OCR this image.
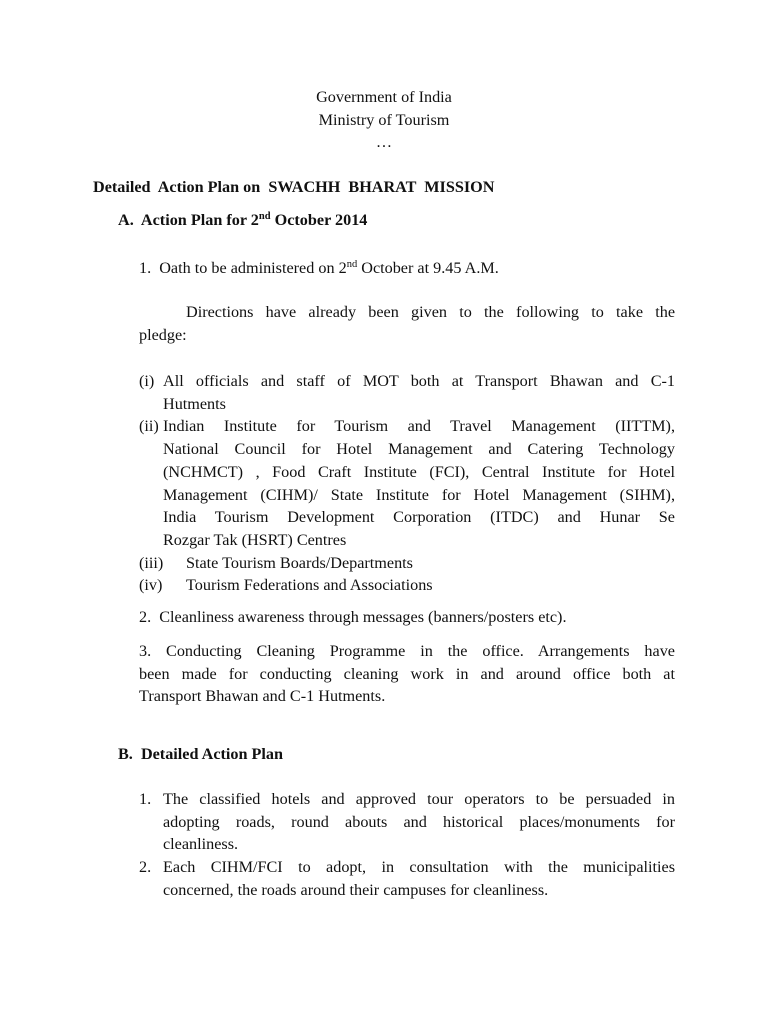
Government of India
Ministry of Tourism
…
Detailed  Action Plan on  SWACHH  BHARAT  MISSION
A.  Action Plan for 2nd October 2014
1.  Oath to be administered on 2nd October at 9.45 A.M.
Directions have already been given to the following to take the
pledge:
(i) All officials and staff of MOT both at Transport Bhawan and C-1
Hutments
(ii) Indian Institute for Tourism and Travel Management (IITTM),
National Council for Hotel Management and Catering Technology
(NCHMCT) , Food Craft Institute (FCI), Central Institute for Hotel
Management (CIHM)/ State Institute for Hotel Management (SIHM),
India Tourism Development Corporation (ITDC) and Hunar Se
Rozgar Tak (HSRT) Centres
(iii) State Tourism Boards/Departments
(iv) Tourism Federations and Associations
2.  Cleanliness awareness through messages (banners/posters etc).
3. Conducting Cleaning Programme in the office. Arrangements have
been made for conducting cleaning work in and around office both at
Transport Bhawan and C-1 Hutments.
B.  Detailed Action Plan
1. The classified hotels and approved tour operators to be persuaded in
adopting roads, round abouts and historical places/monuments for
cleanliness.
2. Each CIHM/FCI to adopt, in consultation with the municipalities
concerned, the roads around their campuses for cleanliness.
